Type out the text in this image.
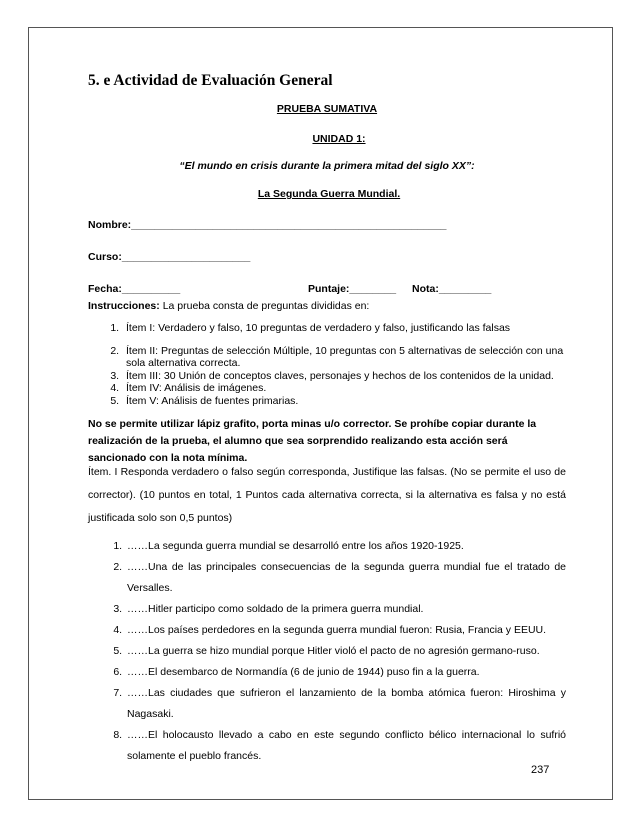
5. e Actividad de Evaluación General
PRUEBA SUMATIVA
UNIDAD 1:
“El mundo en crisis durante la primera mitad del siglo XX”:
La Segunda Guerra Mundial.
Nombre:______________________________________________________
Curso:______________________
Fecha:__________	Puntaje:________ Nota:_________
Instrucciones: La prueba consta de preguntas divididas en:
1. Ítem I: Verdadero y falso, 10 preguntas de verdadero y falso, justificando las falsas
2. Ítem II: Preguntas de selección Múltiple, 10 preguntas con 5 alternativas de selección con una sola alternativa correcta.
3. Ítem III: 30 Unión de conceptos claves, personajes y hechos de los contenidos de la unidad.
4. Ítem IV: Análisis de imágenes.
5. Ítem V: Análisis de fuentes primarias.
No se permite utilizar lápiz grafito, porta minas u/o corrector. Se prohíbe copiar durante la realización de la prueba, el alumno que sea sorprendido realizando esta acción será sancionado con la nota mínima.
Ítem. I Responda verdadero o falso según corresponda, Justifique las falsas. (No se permite el uso de corrector). (10 puntos en total, 1 Puntos cada alternativa correcta, si la alternativa es falsa y no está justificada solo son 0,5 puntos)
1. ……La segunda guerra mundial se desarrolló entre los años 1920-1925.
2. ……Una de las principales consecuencias de la segunda guerra mundial fue el tratado de Versalles.
3. ……Hitler participo como soldado de la primera guerra mundial.
4. ……Los países perdedores en la segunda guerra mundial fueron: Rusia, Francia y EEUU.
5. ……La guerra se hizo mundial porque Hitler violó el pacto de no agresión germano-ruso.
6. ……El desembarco de Normandía (6 de junio de 1944) puso fin a la guerra.
7. ……Las ciudades que sufrieron el lanzamiento de la bomba atómica fueron: Hiroshima y Nagasaki.
8. ……El holocausto llevado a cabo en este segundo conflicto bélico internacional lo sufrió solamente el pueblo francés.
237
